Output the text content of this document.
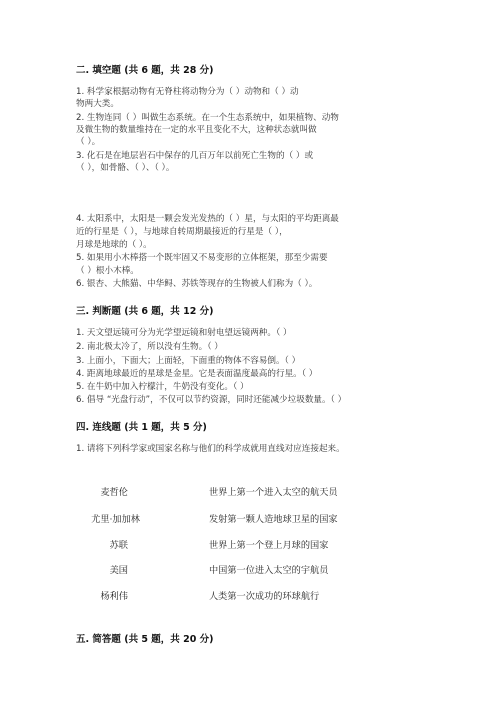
二. 填空题 (共 6 题，共 28 分)
1. 科学家根据动物有无脊柱将动物分为（ ）动物和（ ）动
物两大类。
2. 生物连同（ ）叫做生态系统。在一个生态系统中，如果植物、动物
及微生物的数量维持在一定的水平且变化不大，这种状态就叫做
（ ）。
3. 化石是在地层岩石中保存的几百万年以前死亡生物的（ ）或
（ ），如骨骼、（ ）、（ ）。
4. 太阳系中，太阳是一颗会发光发热的（ ）星，与太阳的平均距离最
近的行星是（ ），与地球自转周期最接近的行星是（ ），
月球是地球的（ ）。
5. 如果用小木棒搭一个既牢固又不易变形的立体框架，那至少需要
（ ）根小木棒。
6. 银杏、大熊猫、中华鲟、苏铁等现存的生物被人们称为（ ）。
三. 判断题 (共 6 题，共 12 分)
1. 天文望远镜可分为光学望远镜和射电望远镜两种。（ ）
2. 南北极太冷了，所以没有生物。（ ）
3. 上面小，下面大；上面轻，下面重的物体不容易倒。（ ）
4. 距离地球最近的星球是金星。它是表面温度最高的行星。（ ）
5. 在牛奶中加入柠檬汁，牛奶没有变化。（ ）
6. 倡导 “光盘行动”，不仅可以节约资源，同时还能减少垃圾数量。（ ）
四. 连线题 (共 1 题，共 5 分)
1. 请将下列科学家或国家名称与他们的科学成就用直线对应连接起来。
麦哲伦
尤里·加加林
苏联
美国
杨利伟
世界上第一个进入太空的航天员
发射第一颗人造地球卫星的国家
世界上第一个登上月球的国家
中国第一位进入太空的宇航员
人类第一次成功的环球航行
五. 简答题 (共 5 题，共 20 分)
